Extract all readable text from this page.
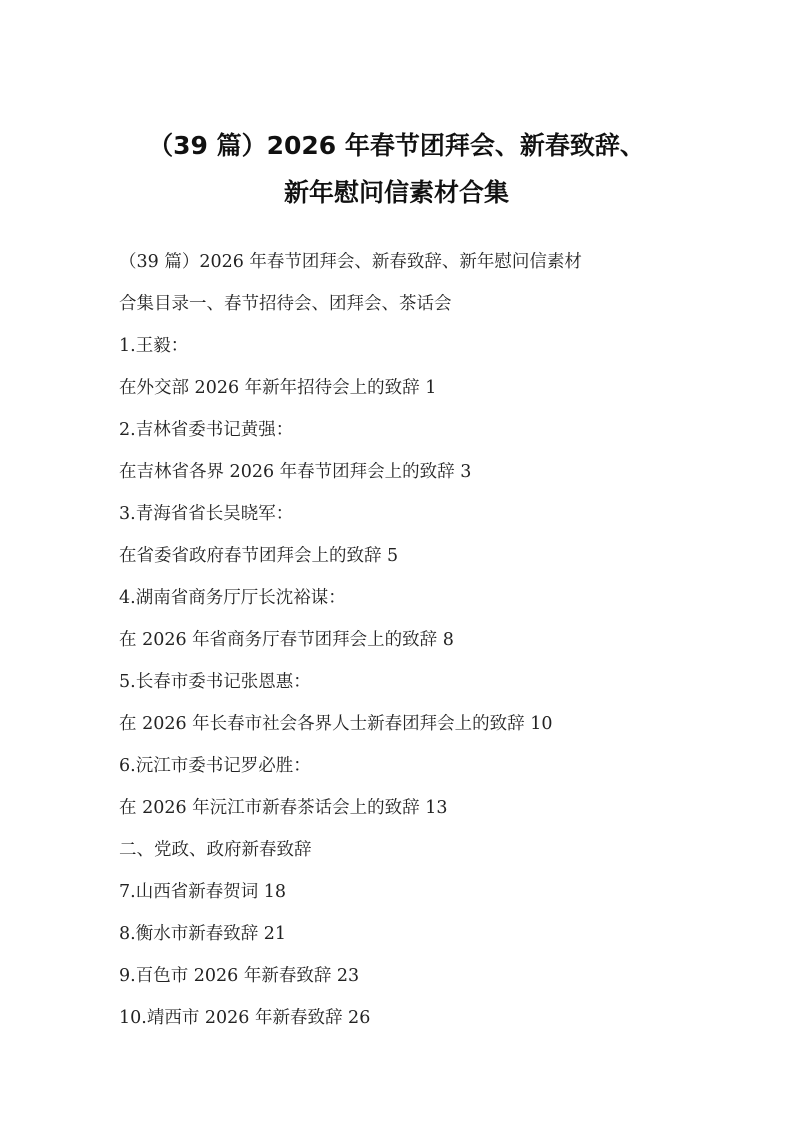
（39 篇）2026 年春节团拜会、新春致辞、
新年慰问信素材合集
（39 篇）2026 年春节团拜会、新春致辞、新年慰问信素材
合集目录一、春节招待会、团拜会、茶话会
1.王毅：
在外交部 2026 年新年招待会上的致辞 1
2.吉林省委书记黄强：
在吉林省各界 2026 年春节团拜会上的致辞 3
3.青海省省长吴晓军：
在省委省政府春节团拜会上的致辞 5
4.湖南省商务厅厅长沈裕谋：
在 2026 年省商务厅春节团拜会上的致辞 8
5.长春市委书记张恩惠：
在 2026 年长春市社会各界人士新春团拜会上的致辞 10
6.沅江市委书记罗必胜：
在 2026 年沅江市新春茶话会上的致辞 13
二、党政、政府新春致辞
7.山西省新春贺词 18
8.衡水市新春致辞 21
9.百色市 2026 年新春致辞 23
10.靖西市 2026 年新春致辞 26
